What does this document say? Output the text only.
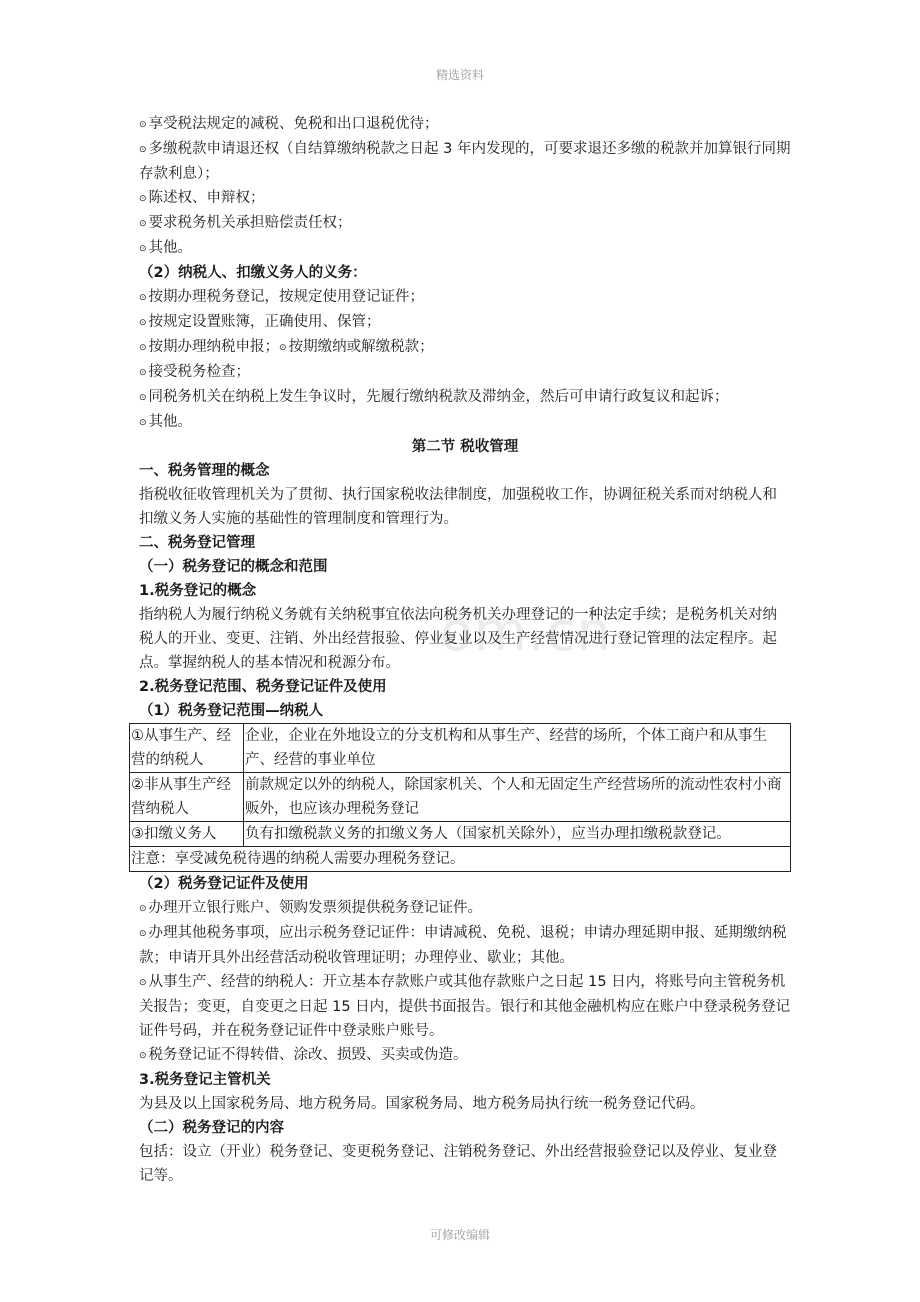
精选资料
om.cn
⊙ 享受税法规定的减税、免税和出口退税优待；
⊙ 多缴税款申请退还权（自结算缴纳税款之日起 3 年内发现的，可要求退还多缴的税款并加算银行同期存款利息）；
⊙ 陈述权、申辩权；
⊙ 要求税务机关承担赔偿责任权；
⊙ 其他。
（2）纳税人、扣缴义务人的义务：
⊙ 按期办理税务登记，按规定使用登记证件；
⊙ 按规定设置账簿，正确使用、保管；
⊙ 按期办理纳税申报；⊙ 按期缴纳或解缴税款；
⊙ 接受税务检查；
⊙ 同税务机关在纳税上发生争议时，先履行缴纳税款及滞纳金，然后可申请行政复议和起诉；
⊙ 其他。
第二节 税收管理
一、税务管理的概念
指税收征收管理机关为了贯彻、执行国家税收法律制度，加强税收工作，协调征税关系而对纳税人和扣缴义务人实施的基础性的管理制度和管理行为。
二、税务登记管理
（一）税务登记的概念和范围
1.税务登记的概念
指纳税人为履行纳税义务就有关纳税事宜依法向税务机关办理登记的一种法定手续；是税务机关对纳税人的开业、变更、注销、外出经营报验、停业复业以及生产经营情况进行登记管理的法定程序。起点。掌握纳税人的基本情况和税源分布。
2.税务登记范围、税务登记证件及使用
（1）税务登记范围—纳税人
①从事生产、经营的纳税人	企业，企业在外地设立的分支机构和从事生产、经营的场所，个体工商户和从事生产、经营的事业单位
②非从事生产经营纳税人	前款规定以外的纳税人，除国家机关、个人和无固定生产经营场所的流动性农村小商贩外，也应该办理税务登记
③扣缴义务人	负有扣缴税款义务的扣缴义务人（国家机关除外），应当办理扣缴税款登记。
注意：享受减免税待遇的纳税人需要办理税务登记。	
（2）税务登记证件及使用
⊙ 办理开立银行账户、领购发票须提供税务登记证件。
⊙ 办理其他税务事项，应出示税务登记证件：申请减税、免税、退税；申请办理延期申报、延期缴纳税款；申请开具外出经营活动税收管理证明；办理停业、歇业；其他。
⊙ 从事生产、经营的纳税人：开立基本存款账户或其他存款账户之日起 15 日内，将账号向主管税务机关报告；变更，自变更之日起 15 日内，提供书面报告。银行和其他金融机构应在账户中登录税务登记证件号码，并在税务登记证件中登录账户账号。
⊙ 税务登记证不得转借、涂改、损毁、买卖或伪造。
3.税务登记主管机关
为县及以上国家税务局、地方税务局。国家税务局、地方税务局执行统一税务登记代码。
（二）税务登记的内容
包括：设立（开业）税务登记、变更税务登记、注销税务登记、外出经营报验登记以及停业、复业登记等。
可修改编辑
